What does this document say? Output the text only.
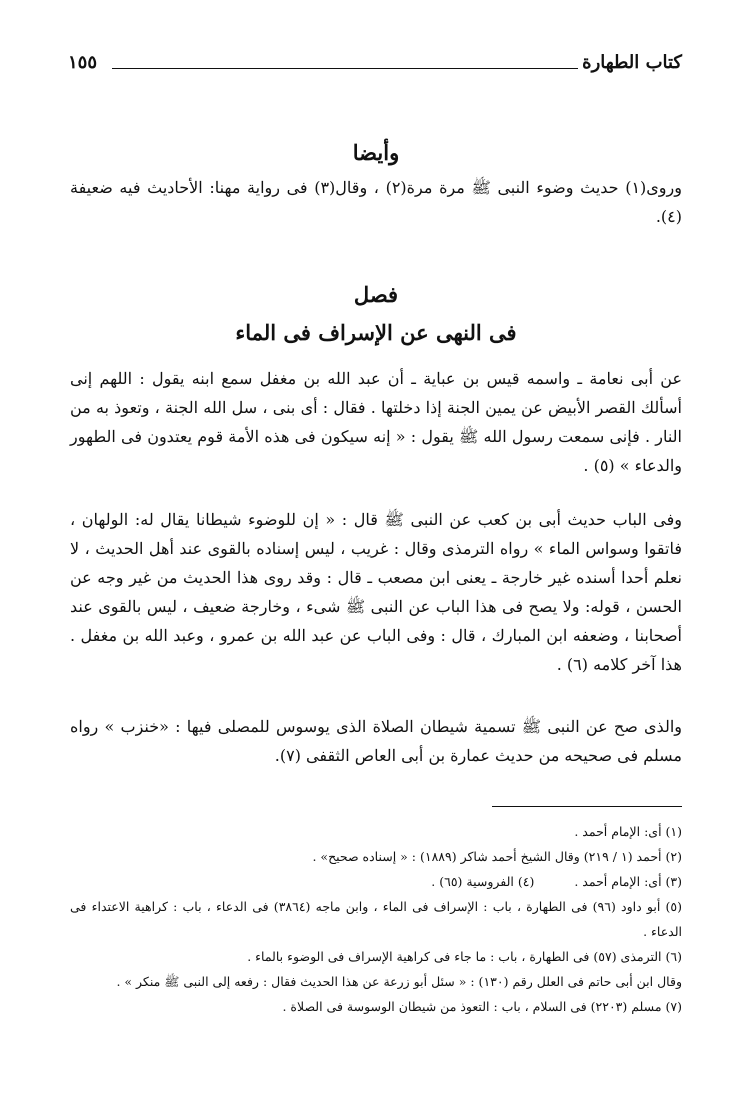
كتاب الطهارة
١٥٥
وأيضا

وروى(١) حديث وضوء النبى ﷺ مرة مرة(٢) ، وقال(٣) فى رواية مهنا: الأحاديث فيه ضعيفة (٤).

فصل
فى النهى عن الإسراف فى الماء

عن أبى نعامة ـ واسمه قيس بن عباية ـ أن عبد الله بن مغفل سمع ابنه يقول : اللهم إنى أسألك القصر الأبيض عن يمين الجنة إذا دخلتها . فقال : أى بنى ، سل الله الجنة ، وتعوذ به من النار . فإنى سمعت رسول الله ﷺ يقول : « إنه سيكون فى هذه الأمة قوم يعتدون فى الطهور والدعاء » (٥) .

وفى الباب حديث أبى بن كعب عن النبى ﷺ قال : « إن للوضوء شيطانا يقال له: الولهان ، فاتقوا وسواس الماء » رواه الترمذى وقال : غريب ، ليس إسناده بالقوى عند أهل الحديث ، لا نعلم أحدا أسنده غير خارجة ـ يعنى ابن مصعب ـ قال : وقد روى هذا الحديث من غير وجه عن الحسن ، قوله: ولا يصح فى هذا الباب عن النبى ﷺ شىء ، وخارجة ضعيف ، ليس بالقوى عند أصحابنا ، وضعفه ابن المبارك ، قال : وفى الباب عن عبد الله بن عمرو ، وعبد الله بن مغفل . هذا آخر كلامه (٦) .

والذى صح عن النبى ﷺ تسمية شيطان الصلاة الذى يوسوس للمصلى فيها : «خنزب » رواه مسلم فى صحيحه من حديث عمارة بن أبى العاص الثقفى (٧).

(١) أى: الإمام أحمد .

(٢) أحمد (١ / ٢١٩) وقال الشيخ أحمد شاكر (١٨٨٩) : « إسناده صحيح» .

(٣) أى: الإمام أحمد .

(٤) الفروسية (٦٥) .

(٥) أبو داود (٩٦) فى الطهارة ، باب : الإسراف فى الماء ، وابن ماجه (٣٨٦٤) فى الدعاء ، باب : كراهية الاعتداء فى الدعاء .

(٦) الترمذى (٥٧) فى الطهارة ، باب : ما جاء فى كراهية الإسراف فى الوضوء بالماء .

وقال ابن أبى حاتم فى العلل رقم (١٣٠) : « سئل أبو زرعة عن هذا الحديث فقال : رفعه إلى النبى ﷺ منكر » .

(٧) مسلم (٢٢٠٣) فى السلام ، باب : التعوذ من شيطان الوسوسة فى الصلاة .
